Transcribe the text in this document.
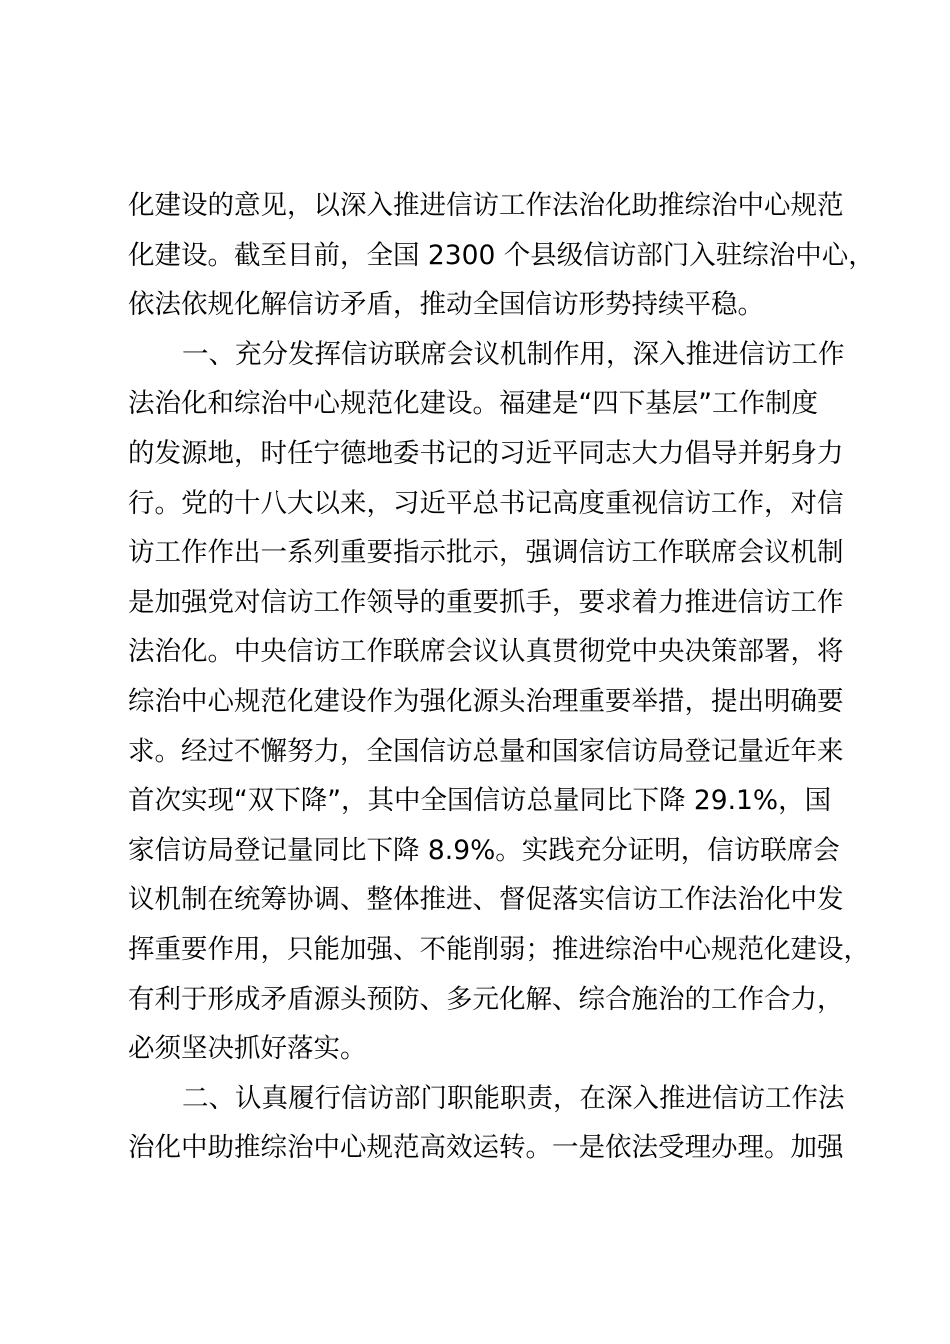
化建设的意见，以深入推进信访工作法治化助推综治中心规范

化建设。截至目前，全国 2300 个县级信访部门入驻综治中心，

依法依规化解信访矛盾，推动全国信访形势持续平稳。

一、充分发挥信访联席会议机制作用，深入推进信访工作

法治化和综治中心规范化建设。福建是“四下基层”工作制度

的发源地，时任宁德地委书记的习近平同志大力倡导并躬身力

行。党的十八大以来，习近平总书记高度重视信访工作，对信

访工作作出一系列重要指示批示，强调信访工作联席会议机制

是加强党对信访工作领导的重要抓手，要求着力推进信访工作

法治化。中央信访工作联席会议认真贯彻党中央决策部署，将

综治中心规范化建设作为强化源头治理重要举措，提出明确要

求。经过不懈努力，全国信访总量和国家信访局登记量近年来

首次实现“双下降”，其中全国信访总量同比下降 29.1%，国

家信访局登记量同比下降 8.9%。实践充分证明，信访联席会

议机制在统筹协调、整体推进、督促落实信访工作法治化中发

挥重要作用，只能加强、不能削弱；推进综治中心规范化建设，

有利于形成矛盾源头预防、多元化解、综合施治的工作合力，

必须坚决抓好落实。

二、认真履行信访部门职能职责，在深入推进信访工作法

治化中助推综治中心规范高效运转。一是依法受理办理。加强
